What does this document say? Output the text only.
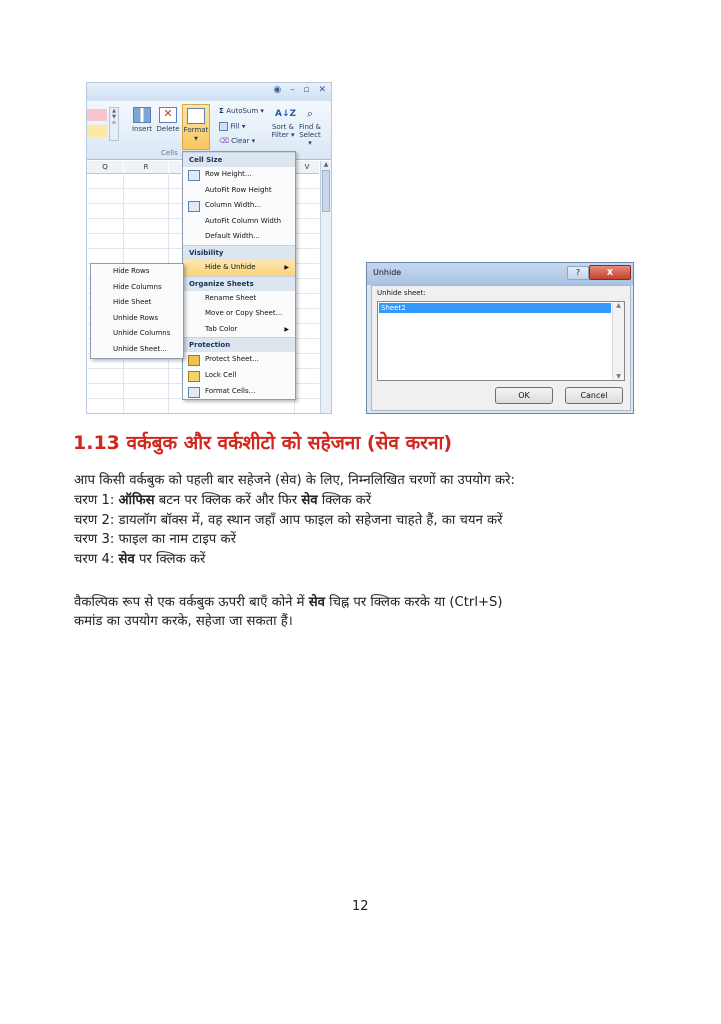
◉ – ▫ ✕
▲
▼
≡
Insert
✕
Delete Format
▼
Cells
Σ AutoSum ▾
Fill ▾
⌫ Clear ▾
A↓Z
Sort &
Filter ▾
⌕
Find &
Select ▾
Q	R	V	▲
Cell Size
Row Height...
AutoFit Row Height
Column Width...
AutoFit Column Width
Default Width...
Visibility
Hide & Unhide	▶
Organize Sheets
Rename Sheet
Move or Copy Sheet...
Tab Color	▶
Protection
Protect Sheet...
Lock Cell
Format Cells...
Hide Rows
Hide Columns
Hide Sheet
Unhide Rows
Unhide Columns
Unhide Sheet...
Unhide	?	X
Unhide sheet:
Sheet2	▲
▼
OK	Cancel
1.13 वर्कबुक और वर्कशीटो को सहेजना (सेव करना)
आप किसी वर्कबुक को पहली बार सहेजने (सेव) के लिए, निम्नलिखित चरणों का उपयोग करे:
चरण 1: ऑफिस बटन पर क्लिक करें और फिर सेव क्लिक करें
चरण 2: डायलॉग बॉक्स में, वह स्थान जहाँ आप फाइल को सहेजना चाहते हैं, का चयन करें
चरण 3: फाइल का नाम टाइप करें
चरण 4: सेव पर क्लिक करें
वैकल्पिक रूप से एक वर्कबुक ऊपरी बाएँ कोने में सेव चिह्न पर क्लिक करके या (Ctrl+S)
कमांड का उपयोग करके, सहेजा जा सकता हैं।
12
